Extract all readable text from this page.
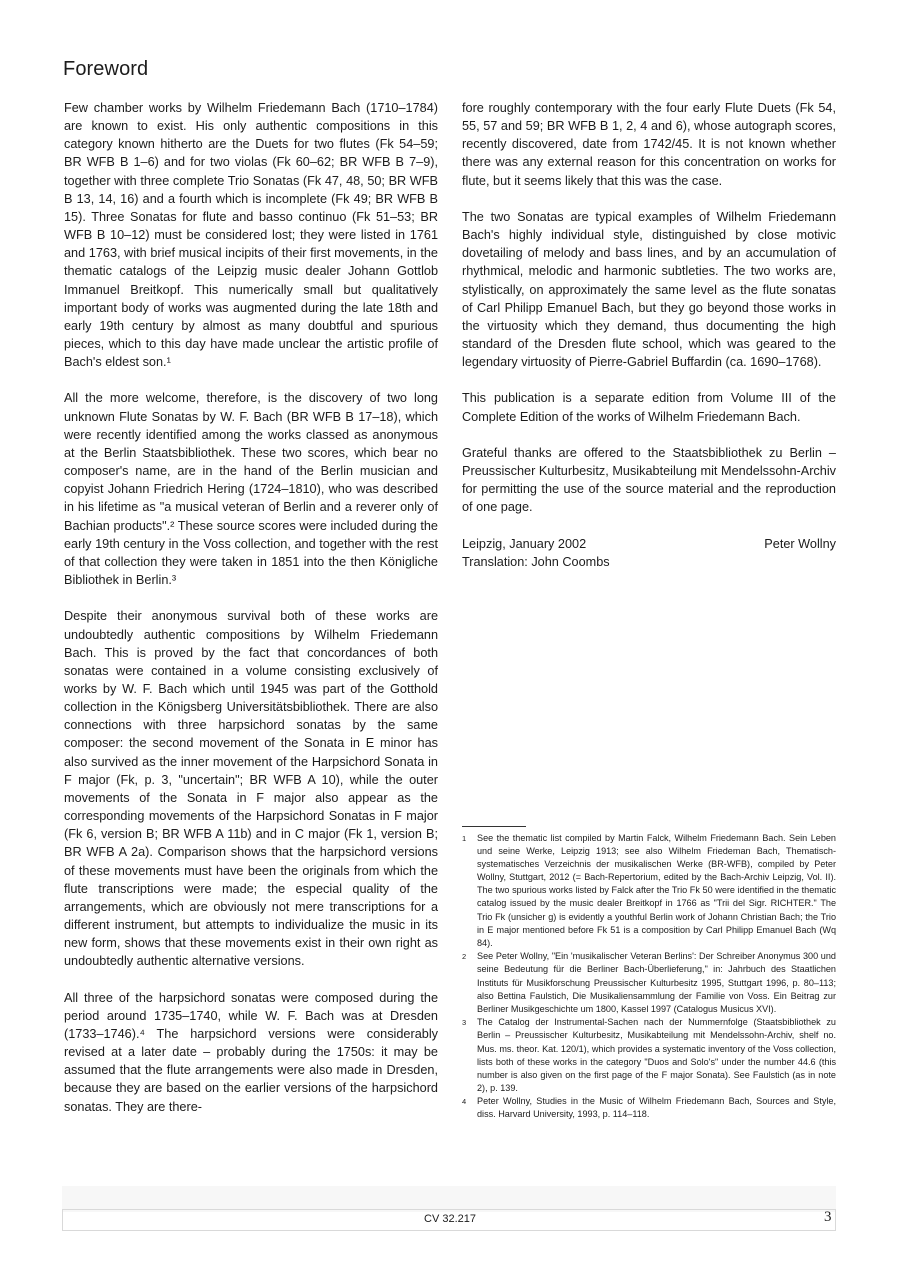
Foreword

Few chamber works by Wilhelm Friedemann Bach (1710–1784) are known to exist. His only authentic compositions in this category known hitherto are the Duets for two flutes (Fk 54–59; BR WFB B 1–6) and for two violas (Fk 60–62; BR WFB B 7–9), together with three complete Trio Sonatas (Fk 47, 48, 50; BR WFB B 13, 14, 16) and a fourth which is incomplete (Fk 49; BR WFB B 15). Three Sonatas for flute and basso continuo (Fk 51–53; BR WFB B 10–12) must be considered lost; they were listed in 1761 and 1763, with brief musical incipits of their first movements, in the thematic catalogs of the Leipzig music dealer Johann Gottlob Immanuel Breitkopf. This numerically small but qualitatively important body of works was augmented during the late 18th and early 19th century by almost as many doubtful and spurious pieces, which to this day have made unclear the artistic profile of Bach's eldest son.¹

All the more welcome, therefore, is the discovery of two long unknown Flute Sonatas by W. F. Bach (BR WFB B 17–18), which were recently identified among the works classed as anonymous at the Berlin Staatsbibliothek. These two scores, which bear no composer's name, are in the hand of the Berlin musician and copyist Johann Friedrich Hering (1724–1810), who was described in his lifetime as "a musical veteran of Berlin and a reverer only of Bachian products".² These source scores were included during the early 19th century in the Voss collection, and together with the rest of that collection they were taken in 1851 into the then Königliche Bibliothek in Berlin.³

Despite their anonymous survival both of these works are undoubtedly authentic compositions by Wilhelm Friedemann Bach. This is proved by the fact that concordances of both sonatas were contained in a volume consisting exclusively of works by W. F. Bach which until 1945 was part of the Gotthold collection in the Königsberg Universitätsbibliothek. There are also connections with three harpsichord sonatas by the same composer: the second movement of the Sonata in E minor has also survived as the inner movement of the Harpsichord Sonata in F major (Fk, p. 3, "uncertain"; BR WFB A 10), while the outer movements of the Sonata in F major also appear as the corresponding movements of the Harpsichord Sonatas in F major (Fk 6, version B; BR WFB A 11b) and in C major (Fk 1, version B; BR WFB A 2a). Comparison shows that the harpsichord versions of these movements must have been the originals from which the flute transcriptions were made; the especial quality of the arrangements, which are obviously not mere transcriptions for a different instrument, but attempts to individualize the music in its new form, shows that these movements exist in their own right as undoubtedly authentic alternative versions.

All three of the harpsichord sonatas were composed during the period around 1735–1740, while W. F. Bach was at Dresden (1733–1746).⁴ The harpsichord versions were considerably revised at a later date – probably during the 1750s: it may be assumed that the flute arrangements were also made in Dresden, because they are based on the earlier versions of the harpsichord sonatas. They are there-

fore roughly contemporary with the four early Flute Duets (Fk 54, 55, 57 and 59; BR WFB B 1, 2, 4 and 6), whose autograph scores, recently discovered, date from 1742/45. It is not known whether there was any external reason for this concentration on works for flute, but it seems likely that this was the case.

The two Sonatas are typical examples of Wilhelm Friedemann Bach's highly individual style, distinguished by close motivic dovetailing of melody and bass lines, and by an accumulation of rhythmical, melodic and harmonic subtleties. The two works are, stylistically, on approximately the same level as the flute sonatas of Carl Philipp Emanuel Bach, but they go beyond those works in the virtuosity which they demand, thus documenting the high standard of the Dresden flute school, which was geared to the legendary virtuosity of Pierre-Gabriel Buffardin (ca. 1690–1768).

This publication is a separate edition from Volume III of the Complete Edition of the works of Wilhelm Friedemann Bach.

Grateful thanks are offered to the Staatsbibliothek zu Berlin – Preussischer Kulturbesitz, Musikabteilung mit Mendelssohn-Archiv for permitting the use of the source material and the reproduction of one page.

Leipzig, January 2002	Peter Wollny
Translation: John Coombs
1 See the thematic list compiled by Martin Falck, Wilhelm Friedemann Bach. Sein Leben und seine Werke, Leipzig 1913; see also Wilhelm Friedeman Bach, Thematisch-systematisches Verzeichnis der musikalischen Werke (BR-WFB), compiled by Peter Wollny, Stuttgart, 2012 (= Bach-Repertorium, edited by the Bach-Archiv Leipzig, Vol. II). The two spurious works listed by Falck after the Trio Fk 50 were identified in the thematic catalog issued by the music dealer Breitkopf in 1766 as "Trii del Sigr. RICHTER." The Trio Fk (unsicher g) is evidently a youthful Berlin work of Johann Christian Bach; the Trio in E major mentioned before Fk 51 is a composition by Carl Philipp Emanuel Bach (Wq 84).
2 See Peter Wollny, "Ein 'musikalischer Veteran Berlins': Der Schreiber Anonymus 300 und seine Bedeutung für die Berliner Bach-Überlieferung," in: Jahrbuch des Staatlichen Instituts für Musikforschung Preussischer Kulturbesitz 1995, Stuttgart 1996, p. 80–113; also Bettina Faulstich, Die Musikaliensammlung der Familie von Voss. Ein Beitrag zur Berliner Musikgeschichte um 1800, Kassel 1997 (Catalogus Musicus XVI).
3 The Catalog der Instrumental-Sachen nach der Nummernfolge (Staatsbibliothek zu Berlin – Preussischer Kulturbesitz, Musikabteilung mit Mendelssohn-Archiv, shelf no. Mus. ms. theor. Kat. 120/1), which provides a systematic inventory of the Voss collection, lists both of these works in the category "Duos and Solo's" under the number 44.6 (this number is also given on the first page of the F major Sonata). See Faulstich (as in note 2), p. 139.
4 Peter Wollny, Studies in the Music of Wilhelm Friedemann Bach, Sources and Style, diss. Harvard University, 1993, p. 114–118.
CV 32.217	3
